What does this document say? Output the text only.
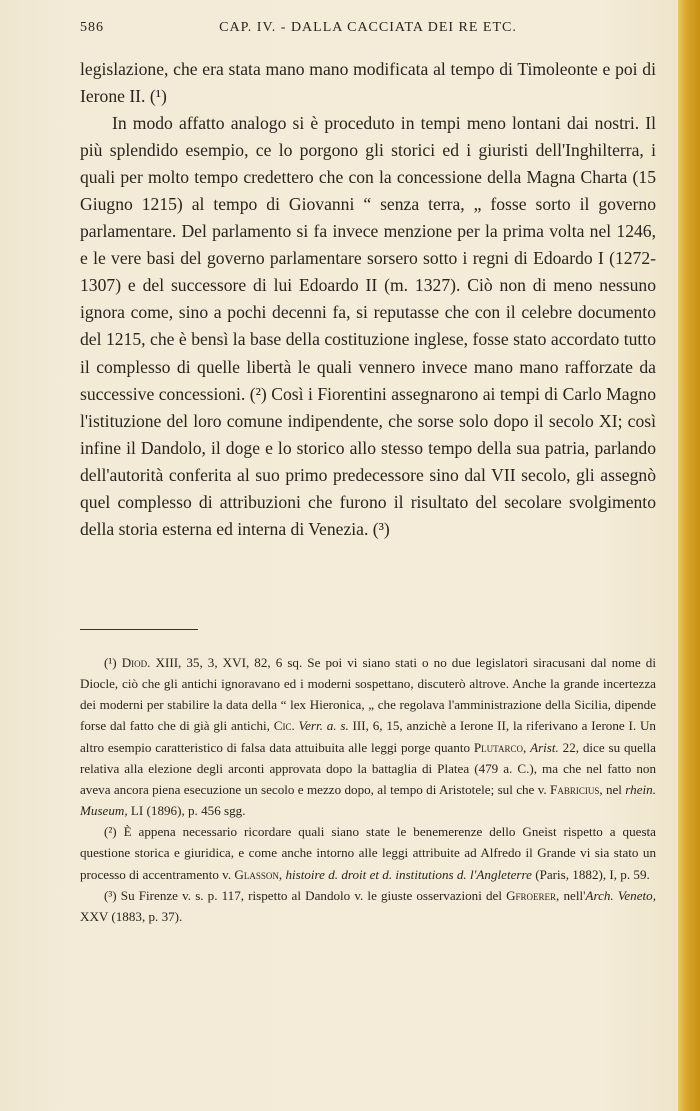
586	CAP. IV. - DALLA CACCIATA DEI RE ETC.

legislazione, che era stata mano mano modificata al tempo di Timoleonte e poi di Ierone II. (¹)

In modo affatto analogo si è proceduto in tempi meno lontani dai nostri. Il più splendido esempio, ce lo porgono gli storici ed i giuristi dell'Inghilterra, i quali per molto tempo credettero che con la concessione della Magna Charta (15 Giugno 1215) al tempo di Giovanni “ senza terra, „ fosse sorto il governo parlamentare. Del parlamento si fa invece menzione per la prima volta nel 1246, e le vere basi del governo parlamentare sorsero sotto i regni di Edoardo I (1272-1307) e del successore di lui Edoardo II (m. 1327). Ciò non di meno nessuno ignora come, sino a pochi decenni fa, si reputasse che con il celebre documento del 1215, che è bensì la base della costituzione inglese, fosse stato accordato tutto il complesso di quelle libertà le quali vennero invece mano mano rafforzate da successive concessioni. (²) Così i Fiorentini assegnarono ai tempi di Carlo Magno l'istituzione del loro comune indipendente, che sorse solo dopo il secolo XI; così infine il Dandolo, il doge e lo storico allo stesso tempo della sua patria, parlando dell'autorità conferita al suo primo predecessore sino dal VII secolo, gli assegnò quel complesso di attribuzioni che furono il risultato del secolare svolgimento della storia esterna ed interna di Venezia. (³)

(¹) Diod. XIII, 35, 3, XVI, 82, 6 sq. Se poi vi siano stati o no due legislatori siracusani dal nome di Diocle, ciò che gli antichi ignoravano ed i moderni sospettano, discuterò altrove. Anche la grande incertezza dei moderni per stabilire la data della “ lex Hieronica, „ che regolava l'amministrazione della Sicilia, dipende forse dal fatto che di già gli antichi, Cic. Verr. a. s. III, 6, 15, anzichè a Ierone II, la riferivano a Ierone I. Un altro esempio caratteristico di falsa data attuibuita alle leggi porge quanto Plutarco, Arist. 22, dice su quella relativa alla elezione degli arconti approvata dopo la battaglia di Platea (479 a. C.), ma che nel fatto non aveva ancora piena esecuzione un secolo e mezzo dopo, al tempo di Aristotele; sul che v. Fabricius, nel rhein. Museum, LI (1896), p. 456 sgg.

(²) È appena necessario ricordare quali siano state le benemerenze dello Gneist rispetto a questa questione storica e giuridica, e come anche intorno alle leggi attribuite ad Alfredo il Grande vi sia stato un processo di accentramento v. Glasson, histoire d. droit et d. institutions d. l'Angleterre (Paris, 1882), I, p. 59.

(³) Su Firenze v. s. p. 117, rispetto al Dandolo v. le giuste osservazioni del Gfroerer, nell'Arch. Veneto, XXV (1883, p. 37).
